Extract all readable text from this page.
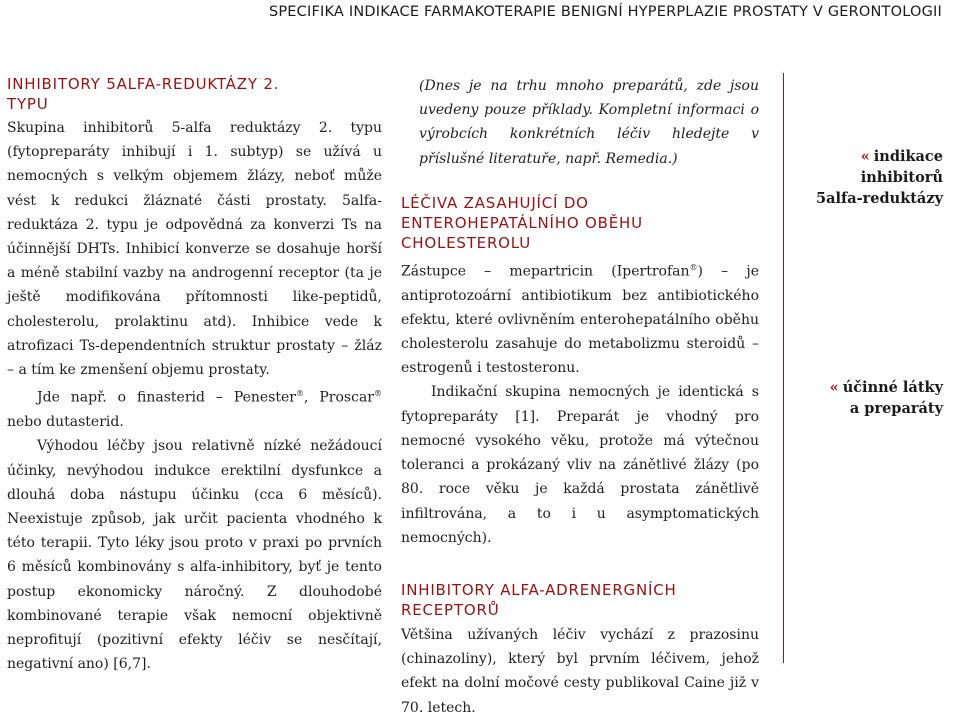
SPECIFIKA INDIKACE FARMAKOTERAPIE BENIGNÍ HYPERPLAZIE PROSTATY V GERONTOLOGII
INHIBITORY 5ALFA-REDUKTÁZY 2. TYPU

Skupina inhibitorů 5-alfa reduktázy 2. typu (fytopreparáty inhibují i 1. subtyp) se užívá u nemocných s velkým objemem žlázy, neboť může vést k redukci žláznaté části prostaty. 5alfa-reduktáza 2. typu je odpovědná za konverzi Ts na účinnější DHTs. Inhibicí konverze se dosahuje horší a méně stabilní vazby na androgenní receptor (ta je ještě modifikována přítomnosti like-peptidů, cholesterolu, prolaktinu atd). Inhibice vede k atrofizaci Ts-dependentních struktur prostaty – žláz – a tím ke zmenšení objemu prostaty.

Jde např. o finasterid – Penester®, Proscar® nebo dutasterid.

Výhodou léčby jsou relativně nízké nežádoucí účinky, nevýhodou indukce erektilní dysfunkce a dlouhá doba nástupu účinku (cca 6 měsíců). Neexistuje způsob, jak určit pacienta vhodného k této terapii. Tyto léky jsou proto v praxi po prvních 6 měsíců kombinovány s alfa-inhibitory, byť je tento postup ekonomicky náročný. Z dlouhodobé kombinované terapie však nemocní objektivně neprofitují (pozitivní efekty léčiv se nesčítají, negativní ano) [6,7].

(Dnes je na trhu mnoho preparátů, zde jsou uvedeny pouze příklady. Kompletní informaci o výrobcích konkrétních léčiv hledejte v příslušné literatuře, např. Remedia.)

LÉČIVA ZASAHUJÍCÍ DO ENTEROHEPATÁLNÍHO OBĚHU CHOLESTEROLU

Zástupce – mepartricin (Ipertrofan®) – je antiprotozoární antibiotikum bez antibiotického efektu, které ovlivněním enterohepatálního oběhu cholesterolu zasahuje do metabolizmu steroidů – estrogenů i testosteronu.

Indikační skupina nemocných je identická s fytopreparáty [1]. Preparát je vhodný pro nemocné vysokého věku, protože má výtečnou toleranci a prokázaný vliv na zánětlivé žlázy (po 80. roce věku je každá prostata zánětlivě infiltrována, a to i u asymptomatických nemocných).

INHIBITORY ALFA-ADRENERGNÍCH RECEPTORŮ

Většina užívaných léčiv vychází z prazosinu (chinazoliny), který byl prvním léčivem, jehož efekt na dolní močové cesty publikoval Caine již v 70. letech.

« indikace
inhibitorů
5alfa-reduktázy
« účinné látky
a preparáty
